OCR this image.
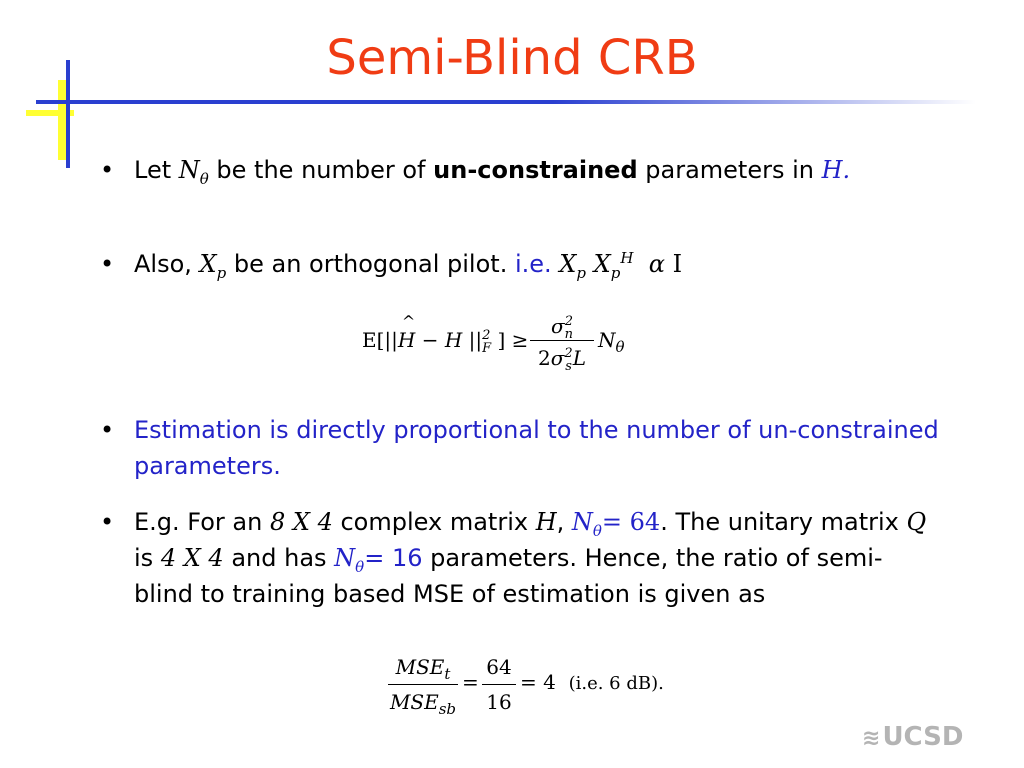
Semi-Blind CRB
• Let $N_\theta$ be the number of un-constrained parameters in H.
• Also, $X_p$ be an orthogonal pilot. i.e. $X_p$ $X_p^H$ α I
E[||H
^
− H ||2
F ] ≥
σ2
n
2σ2
sL
$N_\theta$
• Estimation is directly proportional to the number of un-constrained parameters.
• E.g. For an 8 X 4 complex matrix H, $N_\theta= 64$. The unitary matrix Q is 4 X 4 and has $N_\theta= 16$ parameters. Hence, the ratio of semi-blind to training based MSE of estimation is given as
$MSE_t$
$MSE_{sb}$
=
64
16
= 4 (i.e. 6 dB).
≋UCSD
